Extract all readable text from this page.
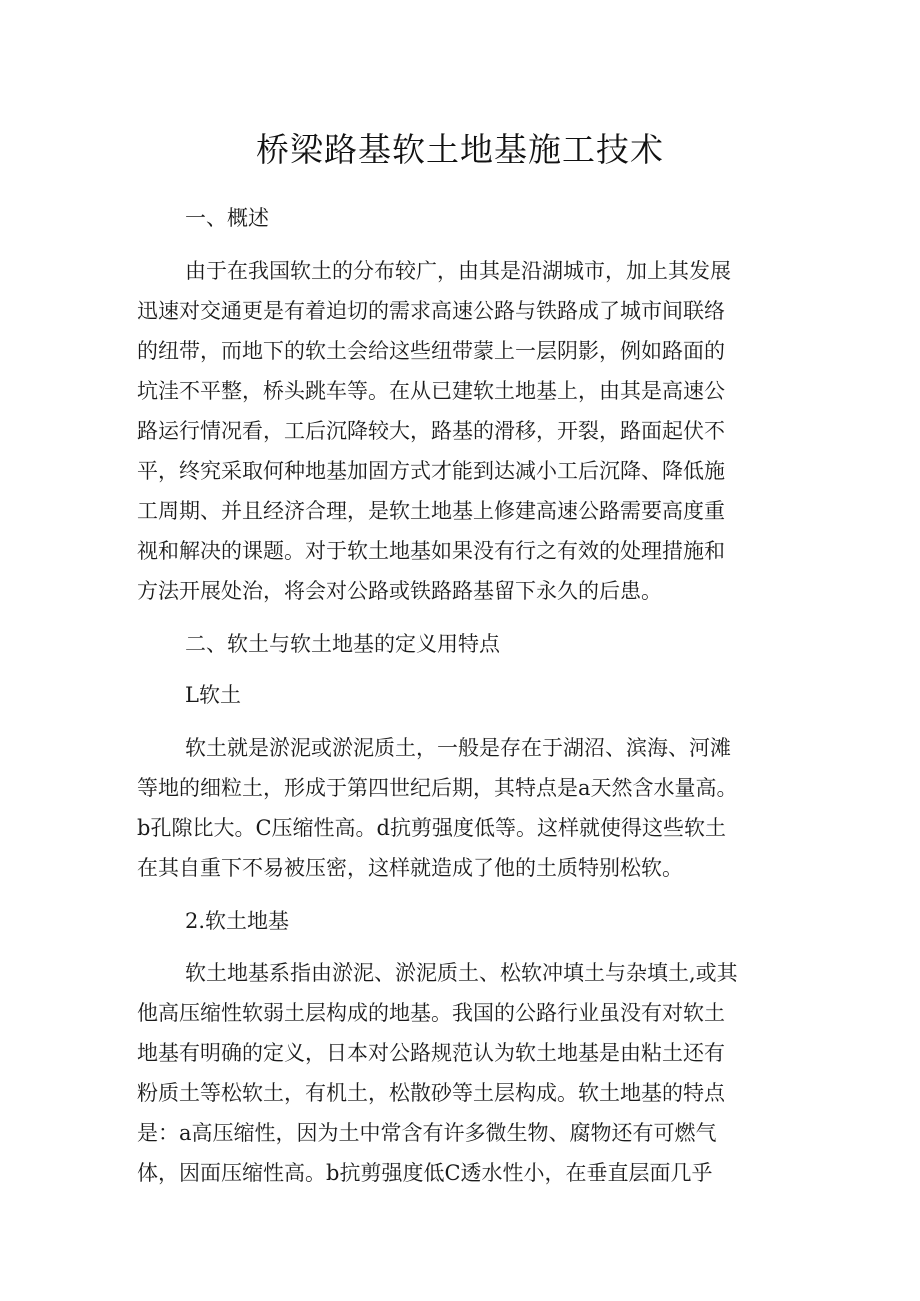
桥梁路基软土地基施工技术
一、概述
由于在我国软土的分布较广，由其是沿湖城市，加上其发展
迅速对交通更是有着迫切的需求高速公路与铁路成了城市间联络
的纽带，而地下的软土会给这些纽带蒙上一层阴影，例如路面的
坑洼不平整，桥头跳车等。在从已建软土地基上，由其是高速公
路运行情况看，工后沉降较大，路基的滑移，开裂，路面起伏不
平，终究采取何种地基加固方式才能到达减小工后沉降、降低施
工周期、并且经济合理，是软土地基上修建高速公路需要高度重
视和解决的课题。对于软土地基如果没有行之有效的处理措施和
方法开展处治，将会对公路或铁路路基留下永久的后患。
二、软土与软土地基的定义用特点
L软土
软土就是淤泥或淤泥质土，一般是存在于湖沼、滨海、河滩
等地的细粒土，形成于第四世纪后期，其特点是a天然含水量高。
b孔隙比大。C压缩性高。d抗剪强度低等。这样就使得这些软土
在其自重下不易被压密，这样就造成了他的土质特别松软。
2.软土地基
软土地基系指由淤泥、淤泥质土、松软冲填土与杂填土,或其
他高压缩性软弱土层构成的地基。我国的公路行业虽没有对软土
地基有明确的定义，日本对公路规范认为软土地基是由粘土还有
粉质土等松软土，有机土，松散砂等土层构成。软土地基的特点
是：a高压缩性，因为土中常含有许多微生物、腐物还有可燃气
体，因面压缩性高。b抗剪强度低C透水性小，在垂直层面几乎
